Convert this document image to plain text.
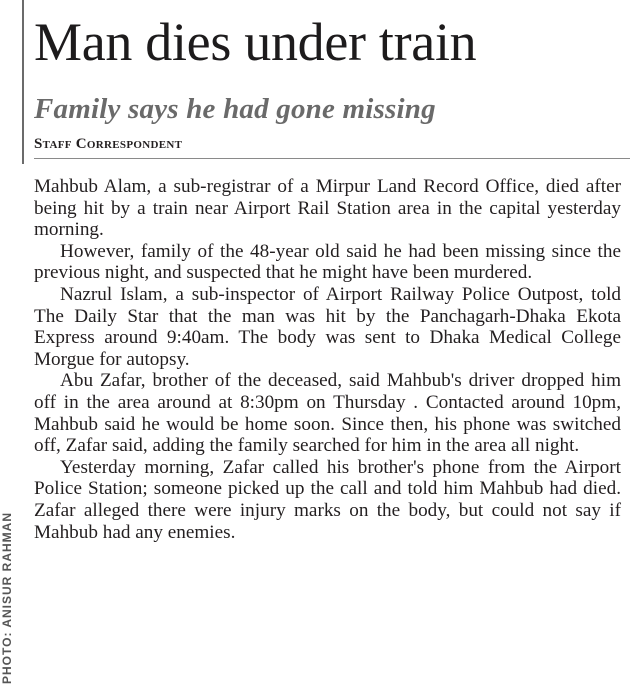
PHOTO: ANISUR RAHMAN
Man dies under train
Family says he had gone missing
Staff Correspondent

Mahbub Alam, a sub-registrar of a Mirpur Land Record Office, died after being hit by a train near Airport Rail Station area in the capital yesterday morning.

However, family of the 48-year old said he had been missing since the previous night, and suspected that he might have been murdered.

Nazrul Islam, a sub-inspector of Airport Railway Police Outpost, told The Daily Star that the man was hit by the Panchagarh-Dhaka Ekota Express around 9:40am. The body was sent to Dhaka Medical College Morgue for autopsy.

Abu Zafar, brother of the deceased, said Mahbub's driver dropped him off in the area around at 8:30pm on Thursday . Contacted around 10pm, Mahbub said he would be home soon. Since then, his phone was switched off, Zafar said, adding the family searched for him in the area all night.

Yesterday morning, Zafar called his brother's phone from the Airport Police Station; someone picked up the call and told him Mahbub had died. Zafar alleged there were injury marks on the body, but could not say if Mahbub had any enemies.
